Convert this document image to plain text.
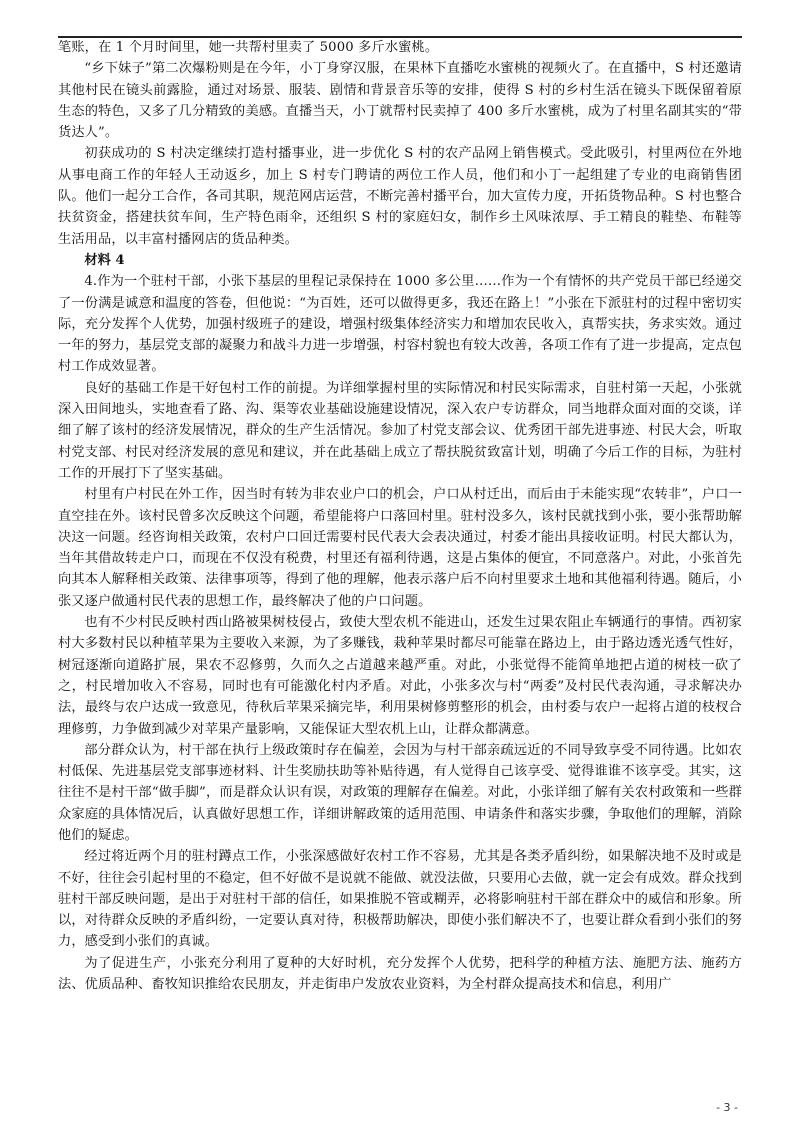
笔账，在 1 个月时间里，她一共帮村里卖了 5000 多斤水蜜桃。

“乡下妹子”第二次爆粉则是在今年，小丁身穿汉服，在果林下直播吃水蜜桃的视频火了。在直播中，S 村还邀请其他村民在镜头前露脸，通过对场景、服装、剧情和背景音乐等的安排，使得 S 村的乡村生活在镜头下既保留着原生态的特色，又多了几分精致的美感。直播当天，小丁就帮村民卖掉了 400 多斤水蜜桃，成为了村里名副其实的“带货达人”。

初获成功的 S 村决定继续打造村播事业，进一步优化 S 村的农产品网上销售模式。受此吸引，村里两位在外地从事电商工作的年轻人王动返乡，加上 S 村专门聘请的两位工作人员，他们和小丁一起组建了专业的电商销售团队。他们一起分工合作，各司其职，规范网店运营，不断完善村播平台，加大宣传力度，开拓货物品种。S 村也整合扶贫资金，搭建扶贫车间，生产特色雨伞，还组织 S 村的家庭妇女，制作乡土风味浓厚、手工精良的鞋垫、布鞋等生活用品，以丰富村播网店的货品种类。

材料 4

4.作为一个驻村干部，小张下基层的里程记录保持在 1000 多公里……作为一个有情怀的共产党员干部已经递交了一份满是诚意和温度的答卷，但他说：“为百姓，还可以做得更多，我还在路上！”小张在下派驻村的过程中密切实际，充分发挥个人优势，加强村级班子的建设，增强村级集体经济实力和增加农民收入，真帮实扶，务求实效。通过一年的努力，基层党支部的凝聚力和战斗力进一步增强，村容村貌也有较大改善，各项工作有了进一步提高，定点包村工作成效显著。

良好的基础工作是干好包村工作的前提。为详细掌握村里的实际情况和村民实际需求，自驻村第一天起，小张就深入田间地头，实地查看了路、沟、渠等农业基础设施建设情况，深入农户专访群众，同当地群众面对面的交谈，详细了解了该村的经济发展情况，群众的生产生活情况。参加了村党支部会议、优秀团干部先进事迹、村民大会，听取村党支部、村民对经济发展的意见和建议，并在此基础上成立了帮扶脱贫致富计划，明确了今后工作的目标，为驻村工作的开展打下了坚实基础。

村里有户村民在外工作，因当时有转为非农业户口的机会，户口从村迁出，而后由于未能实现“农转非”，户口一直空挂在外。该村民曾多次反映这个问题，希望能将户口落回村里。驻村没多久，该村民就找到小张，要小张帮助解决这一问题。经咨询相关政策，农村户口回迁需要村民代表大会表决通过，村委才能出具接收证明。村民大都认为，当年其借故转走户口，而现在不仅没有税费，村里还有福利待遇，这是占集体的便宜，不同意落户。对此，小张首先向其本人解释相关政策、法律事项等，得到了他的理解，他表示落户后不向村里要求土地和其他福利待遇。随后，小张又逐户做通村民代表的思想工作，最终解决了他的户口问题。

也有不少村民反映村西山路被果树枝侵占，致使大型农机不能进山，还发生过果农阻止车辆通行的事情。西初家村大多数村民以种植苹果为主要收入来源，为了多赚钱，栽种苹果时都尽可能靠在路边上，由于路边透光透气性好，树冠逐渐向道路扩展，果农不忍修剪，久而久之占道越来越严重。对此，小张觉得不能简单地把占道的树枝一砍了之，村民增加收入不容易，同时也有可能激化村内矛盾。对此，小张多次与村“两委”及村民代表沟通，寻求解决办法，最终与农户达成一致意见，待秋后苹果采摘完毕，利用果树修剪整形的机会，由村委与农户一起将占道的枝杈合理修剪，力争做到减少对苹果产量影响，又能保证大型农机上山，让群众都满意。

部分群众认为，村干部在执行上级政策时存在偏差，会因为与村干部亲疏远近的不同导致享受不同待遇。比如农村低保、先进基层党支部事迹材料、计生奖励扶助等补贴待遇，有人觉得自己该享受、觉得谁谁不该享受。其实，这往往不是村干部“做手脚”，而是群众认识有误，对政策的理解存在偏差。对此，小张详细了解有关农村政策和一些群众家庭的具体情况后，认真做好思想工作，详细讲解政策的适用范围、申请条件和落实步骤，争取他们的理解，消除他们的疑虑。

经过将近两个月的驻村蹲点工作，小张深感做好农村工作不容易，尤其是各类矛盾纠纷，如果解决地不及时或是不好，往往会引起村里的不稳定，但不好做不是说就不能做、就没法做，只要用心去做，就一定会有成效。群众找到驻村干部反映问题，是出于对驻村干部的信任，如果推脱不管或糊弄，必将影响驻村干部在群众中的威信和形象。所以，对待群众反映的矛盾纠纷，一定要认真对待，积极帮助解决，即使小张们解决不了，也要让群众看到小张们的努力，感受到小张们的真诚。

为了促进生产，小张充分利用了夏种的大好时机，充分发挥个人优势，把科学的种植方法、施肥方法、施药方法、优质品种、畜牧知识推给农民朋友，并走街串户发放农业资料，为全村群众提高技术和信息，利用广

- 3 -
